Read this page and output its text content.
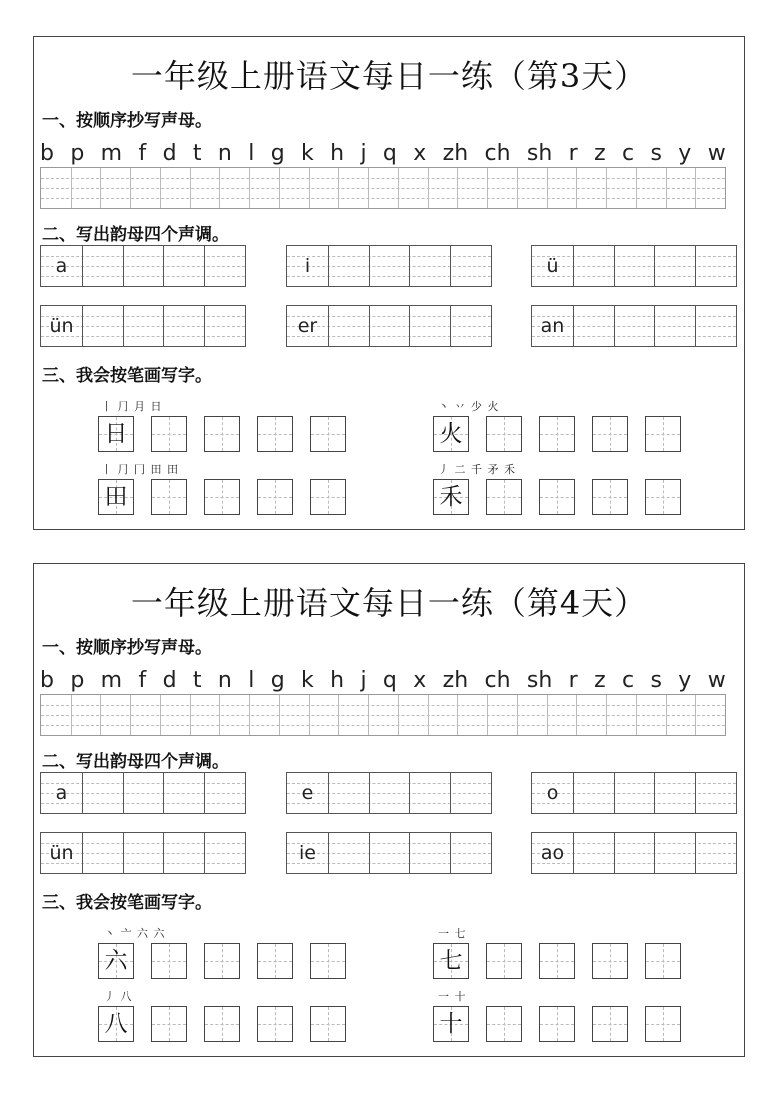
一年级上册语文每日一练（第3天）
一、按顺序抄写声母。
b p m f d t n l g k h j q x zh ch sh r z c s y w
二、写出韵母四个声调。
a	i	ü
ün	er	an
三、我会按笔画写字。
丨 ⺆ 月 日
日
丶 丷 少 火
火
丨 ⺆ 冂 田 田
田
丿 二 千 矛 禾
禾
一年级上册语文每日一练（第4天）
一、按顺序抄写声母。
b p m f d t n l g k h j q x zh ch sh r z c s y w
二、写出韵母四个声调。
a	e	o
ün	ie	ao
三、我会按笔画写字。
丶 亠 六 六
六
一 七
七
丿 八
八
一 十
十
